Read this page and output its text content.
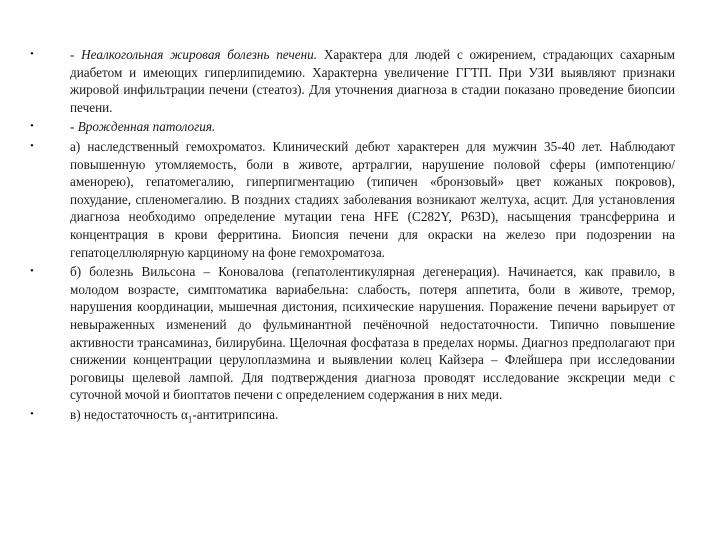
•	- Неалкогольная жировая болезнь печени. Характера для людей с ожирением, страдающих сахарным диабетом и имеющих гиперлипидемию. Характерна увеличение ГГТП. При УЗИ выявляют признаки жировой инфильтрации печени (стеатоз). Для уточнения диагноза в стадии показано проведение биопсии печени.
•	- Врожденная патология.
•	а) наследственный гемохроматоз. Клинический дебют характерен для мужчин 35-40 лет. Наблюдают повышенную утомляемость, боли в животе, артралгии, нарушение половой сферы (импотенцию/аменорею), гепатомегалию, гиперпигментацию (типичен «бронзовый» цвет кожаных покровов), похудание, спленомегалию. В поздних стадиях заболевания возникают желтуха, асцит. Для установления диагноза необходимо определение мутации гена HFE (C282Y, P63D), насыщения трансферрина и концентрация в крови ферритина. Биопсия печени для окраски на железо при подозрении на гепатоцеллюлярную карциному на фоне гемохроматоза.
•	б) болезнь Вильсона – Коновалова (гепатолентикулярная дегенерация). Начинается, как правило, в молодом возрасте, симптоматика вариабельна: слабость, потеря аппетита, боли в животе, тремор, нарушения координации, мышечная дистония, психические нарушения. Поражение печени варьирует от невыраженных изменений до фульминантной печёночной недостаточности. Типично повышение активности трансаминаз, билирубина. Щелочная фосфатаза в пределах нормы. Диагноз предполагают при снижении концентрации церулоплазмина и выявлении колец Кайзера – Флейшера при исследовании роговицы щелевой лампой. Для подтверждения диагноза проводят исследование экскреции меди с суточной мочой и биоптатов печени с определением содержания в них меди.
•	в) недостаточность $\alpha_1$-антитрипсина.
